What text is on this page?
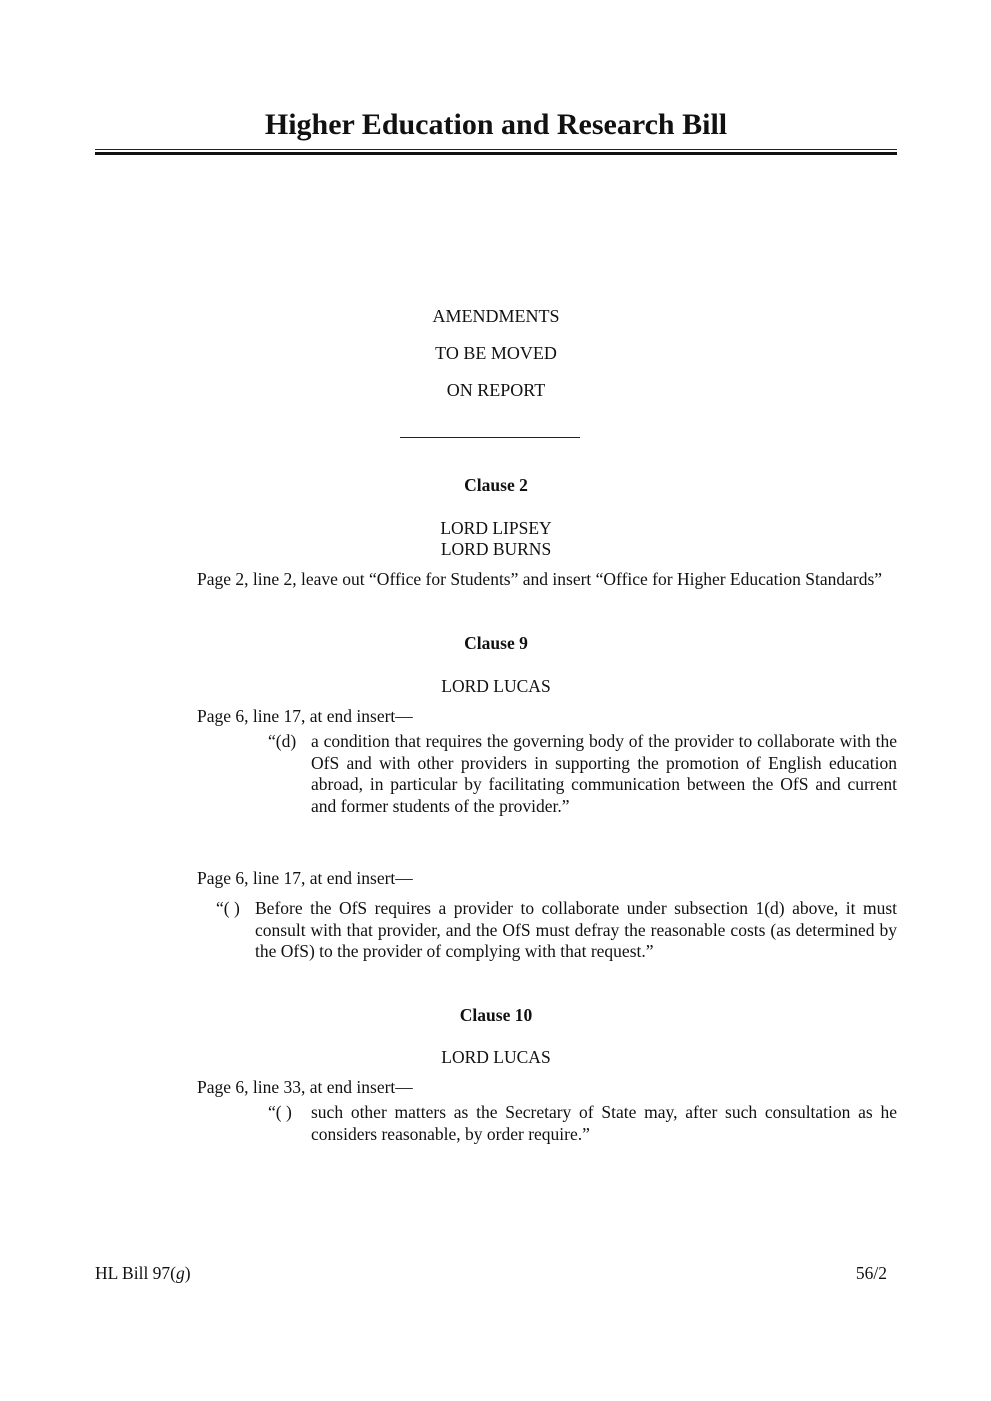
Higher Education and Research Bill
AMENDMENTS
TO BE MOVED
ON REPORT
Clause 2
LORD LIPSEY
LORD BURNS
Page 2, line 2, leave out “Office for Students” and insert “Office for Higher Education Standards”
Clause 9
LORD LUCAS
Page 6, line 17, at end insert—
“(d) a condition that requires the governing body of the provider to collaborate with the OfS and with other providers in supporting the promotion of English education abroad, in particular by facilitating communication between the OfS and current and former students of the provider.”
Page 6, line 17, at end insert—
“( ) Before the OfS requires a provider to collaborate under subsection 1(d) above, it must consult with that provider, and the OfS must defray the reasonable costs (as determined by the OfS) to the provider of complying with that request.”
Clause 10
LORD LUCAS
Page 6, line 33, at end insert—
“( ) such other matters as the Secretary of State may, after such consultation as he considers reasonable, by order require.”
HL Bill 97(g)	56/2
